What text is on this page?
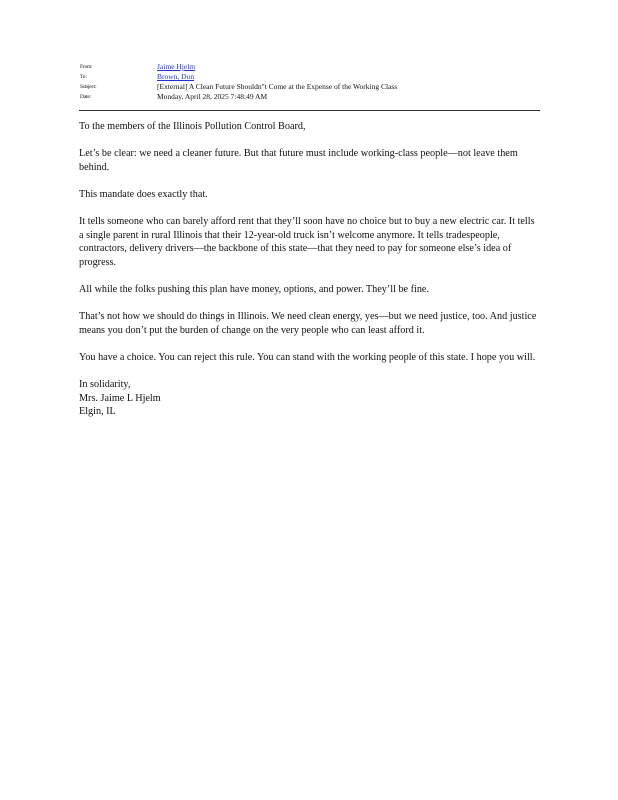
From:	Jaime Hjelm
To:	Brown, Don
Subject:	[External] A Clean Future Shouldn"t Come at the Expense of the Working Class
Date:	Monday, April 28, 2025 7:48:49 AM

To the members of the Illinois Pollution Control Board,

Let’s be clear: we need a cleaner future. But that future must include working-class people—not leave them behind.

This mandate does exactly that.

It tells someone who can barely afford rent that they’ll soon have no choice but to buy a new electric car. It tells a single parent in rural Illinois that their 12-year-old truck isn’t welcome anymore. It tells tradespeople, contractors, delivery drivers—the backbone of this state—that they need to pay for someone else’s idea of progress.

All while the folks pushing this plan have money, options, and power. They’ll be fine.

That’s not how we should do things in Illinois. We need clean energy, yes—but we need justice, too. And justice means you don’t put the burden of change on the very people who can least afford it.

You have a choice. You can reject this rule. You can stand with the working people of this state. I hope you will.

In solidarity,
Mrs. Jaime L Hjelm
Elgin, IL
